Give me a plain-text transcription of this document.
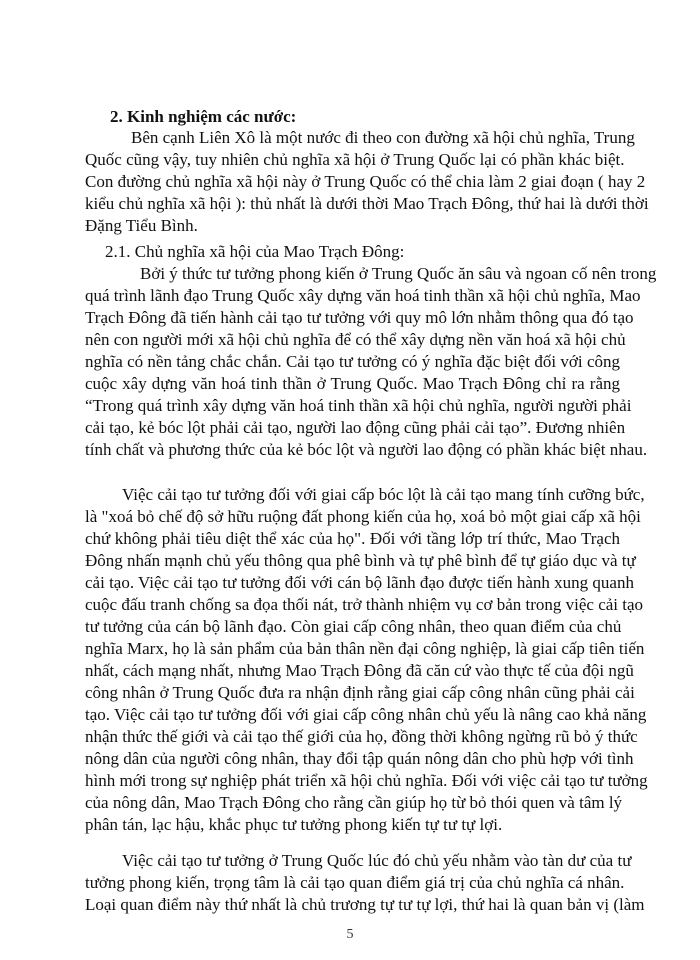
2. Kinh nghiệm các nước:
Bên cạnh Liên Xô là một nước đi theo con đường xã hội chủ nghĩa, Trung
Quốc cũng vậy, tuy nhiên chủ nghĩa xã hội ở Trung Quốc lại có phần khác biệt.
Con đường chủ nghĩa xã hội này ở Trung Quốc có thể chia làm 2 giai đoạn ( hay 2
kiểu chủ nghĩa xã hội ): thủ nhất là dưới thời Mao Trạch Đông, thứ hai là dưới thời
Đặng Tiểu Bình.
2.1. Chủ nghĩa xã hội của Mao Trạch Đông:
Bởi ý thức tư tưởng phong kiến ở Trung Quốc ăn sâu và ngoan cố nên trong
quá trình lãnh đạo Trung Quốc xây dựng văn hoá tinh thần xã hội chủ nghĩa, Mao
Trạch Đông đã tiến hành cải tạo tư tưởng với quy mô lớn nhằm thông qua đó tạo
nên con người mới xã hội chủ nghĩa để có thể xây dựng nền văn hoá xã hội chủ
nghĩa có nền tảng chắc chắn. Cải tạo tư tưởng có ý nghĩa đặc biệt đối với công
cuộc xây dựng văn hoá tinh thần ở Trung Quốc. Mao Trạch Đông chỉ ra rằng
“Trong quá trình xây dựng văn hoá tinh thần xã hội chủ nghĩa, người người phải
cải tạo, kẻ bóc lột phải cải tạo, người lao động cũng phải cải tạo”. Đương nhiên
tính chất và phương thức của kẻ bóc lột và người lao động có phần khác biệt nhau.
Việc cải tạo tư tưởng đối với giai cấp bóc lột là cải tạo mang tính cưỡng bức,
là "xoá bỏ chế độ sở hữu ruộng đất phong kiến của họ, xoá bỏ một giai cấp xã hội
chứ không phải tiêu diệt thể xác của họ". Đối với tầng lớp trí thức, Mao Trạch
Đông nhấn mạnh chủ yếu thông qua phê bình và tự phê bình để tự giáo dục và tự
cải tạo. Việc cải tạo tư tưởng đối với cán bộ lãnh đạo được tiến hành xung quanh
cuộc đấu tranh chống sa đọa thối nát, trở thành nhiệm vụ cơ bản trong việc cải tạo
tư tưởng của cán bộ lãnh đạo. Còn giai cấp công nhân, theo quan điểm của chủ
nghĩa Marx, họ là sản phẩm của bản thân nền đại công nghiệp, là giai cấp tiên tiến
nhất, cách mạng nhất, nhưng Mao Trạch Đông đã căn cứ vào thực tế của đội ngũ
công nhân ở Trung Quốc đưa ra nhận định rằng giai cấp công nhân cũng phải cải
tạo. Việc cải tạo tư tưởng đối với giai cấp công nhân chủ yếu là nâng cao khả năng
nhận thức thế giới và cải tạo thế giới của họ, đồng thời không ngừng rũ bỏ ý thức
nông dân của người công nhân, thay đổi tập quán nông dân cho phù hợp với tình
hình mới trong sự nghiệp phát triển xã hội chủ nghĩa. Đối với việc cải tạo tư tưởng
của nông dân, Mao Trạch Đông cho rằng cần giúp họ từ bỏ thói quen và tâm lý
phân tán, lạc hậu, khắc phục tư tưởng phong kiến tự tư tự lợi.
5
Việc cải tạo tư tưởng ở Trung Quốc lúc đó chủ yếu nhằm vào tàn dư của tư
tưởng phong kiến, trọng tâm là cải tạo quan điểm giá trị của chủ nghĩa cá nhân.
Loại quan điểm này thứ nhất là chủ trương tự tư tự lợi, thứ hai là quan bản vị (làm
